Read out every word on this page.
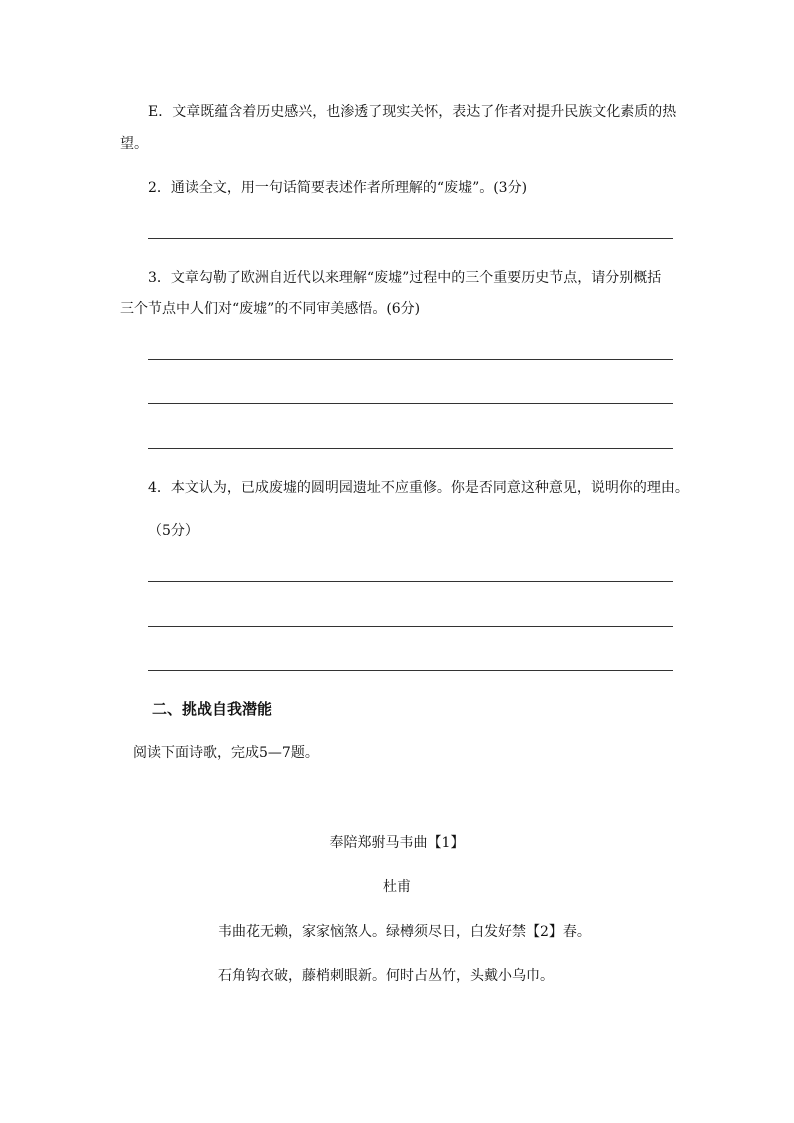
E．文章既蕴含着历史感兴，也渗透了现实关怀，表达了作者对提升民族文化素质的热
望。
2．通读全文，用一句话简要表述作者所理解的“废墟”。(3分)
3．文章勾勒了欧洲自近代以来理解“废墟”过程中的三个重要历史节点，请分别概括
三个节点中人们对“废墟”的不同审美感悟。(6分)
4．本文认为，已成废墟的圆明园遗址不应重修。你是否同意这种意见，说明你的理由。
（5分）
二、挑战自我潜能
阅读下面诗歌，完成5—7题。
奉陪郑驸马韦曲【1】
杜甫
韦曲花无赖，家家恼煞人。绿樽须尽日，白发好禁【2】春。
石角钩衣破，藤梢刺眼新。何时占丛竹，头戴小乌巾。
